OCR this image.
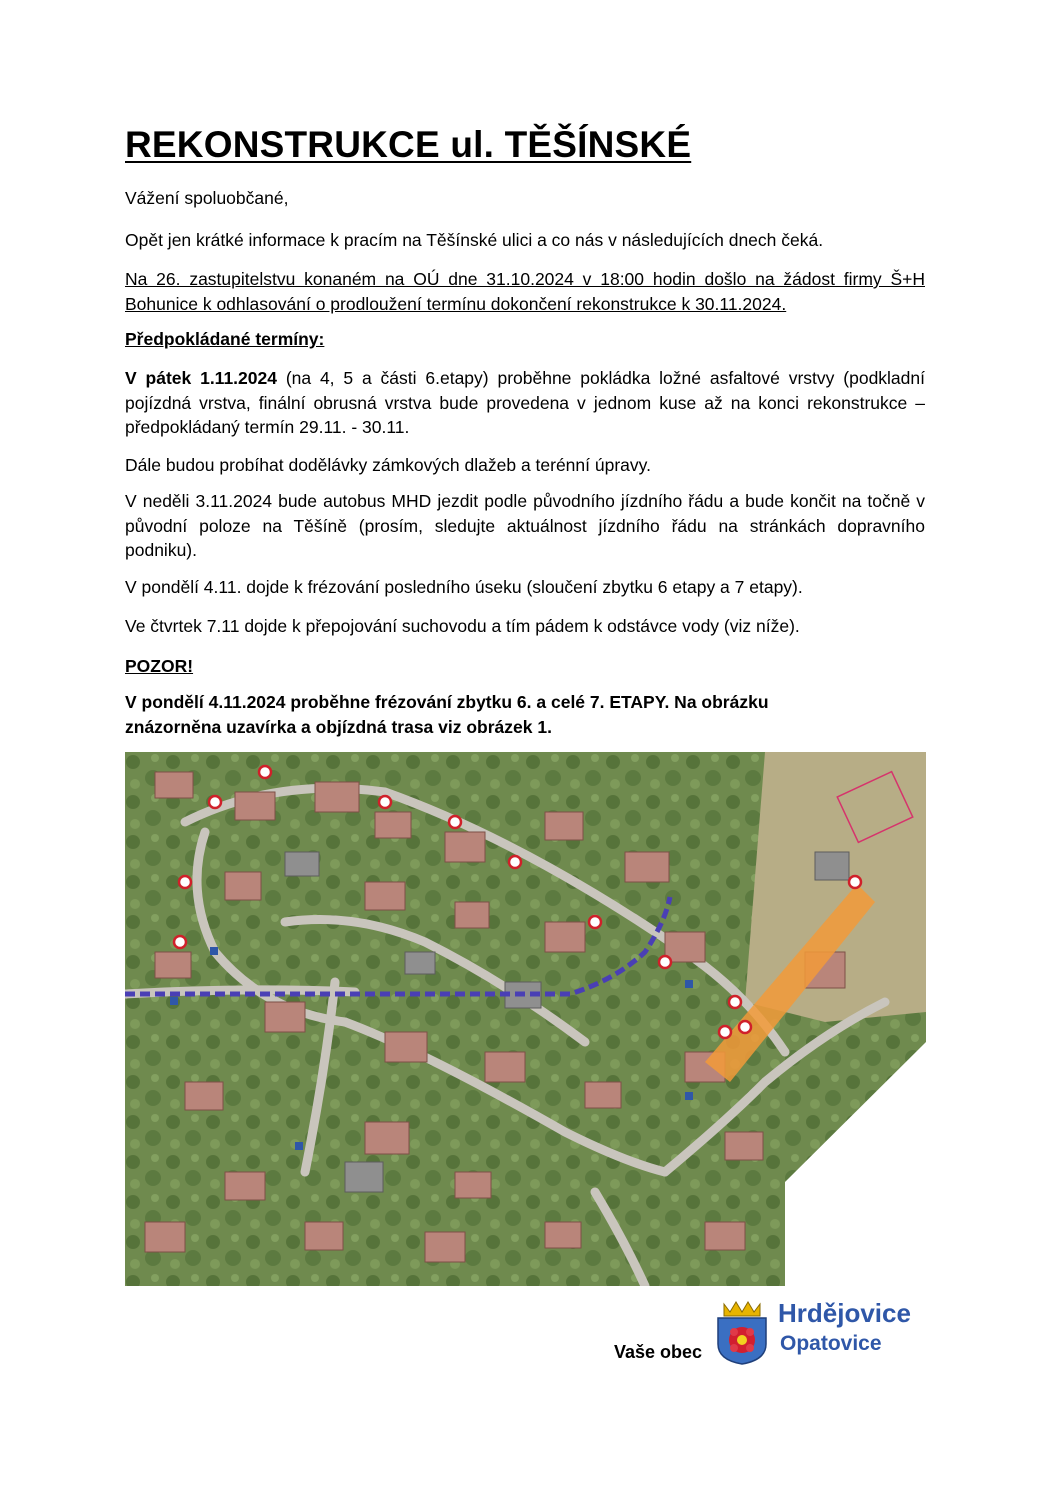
REKONSTRUKCE ul. TĚŠÍNSKÉ

Vážení spoluobčané,

Opět jen krátké informace k pracím na Těšínské ulici a co nás v následujících dnech čeká.

Na 26. zastupitelstvu konaném na OÚ dne 31.10.2024 v 18:00 hodin došlo na žádost firmy Š+H Bohunice k odhlasování o prodloužení termínu dokončení rekonstrukce k 30.11.2024.

Předpokládané termíny:

V pátek 1.11.2024 (na 4, 5 a části 6.etapy) proběhne pokládka ložné asfaltové vrstvy (podkladní pojízdná vrstva, finální obrusná vrstva bude provedena v jednom kuse až na konci rekonstrukce – předpokládaný termín 29.11. - 30.11.

Dále budou probíhat dodělávky zámkových dlažeb a terénní úpravy.

V neděli 3.11.2024 bude autobus MHD jezdit podle původního jízdního řádu a bude končit na točně v původní poloze na Těšíně (prosím, sledujte aktuálnost jízdního řádu na stránkách dopravního podniku).

V pondělí 4.11. dojde k frézování posledního úseku (sloučení zbytku 6 etapy a 7 etapy).

Ve čtvrtek 7.11 dojde k přepojování suchovodu a tím pádem k odstávce vody (viz níže).

POZOR!

V pondělí 4.11.2024 proběhne frézování zbytku 6. a celé 7. ETAPY. Na obrázku znázorněna uzavírka a objízdná trasa viz obrázek 1.

Vaše obec
Hrdějovice
Opatovice
